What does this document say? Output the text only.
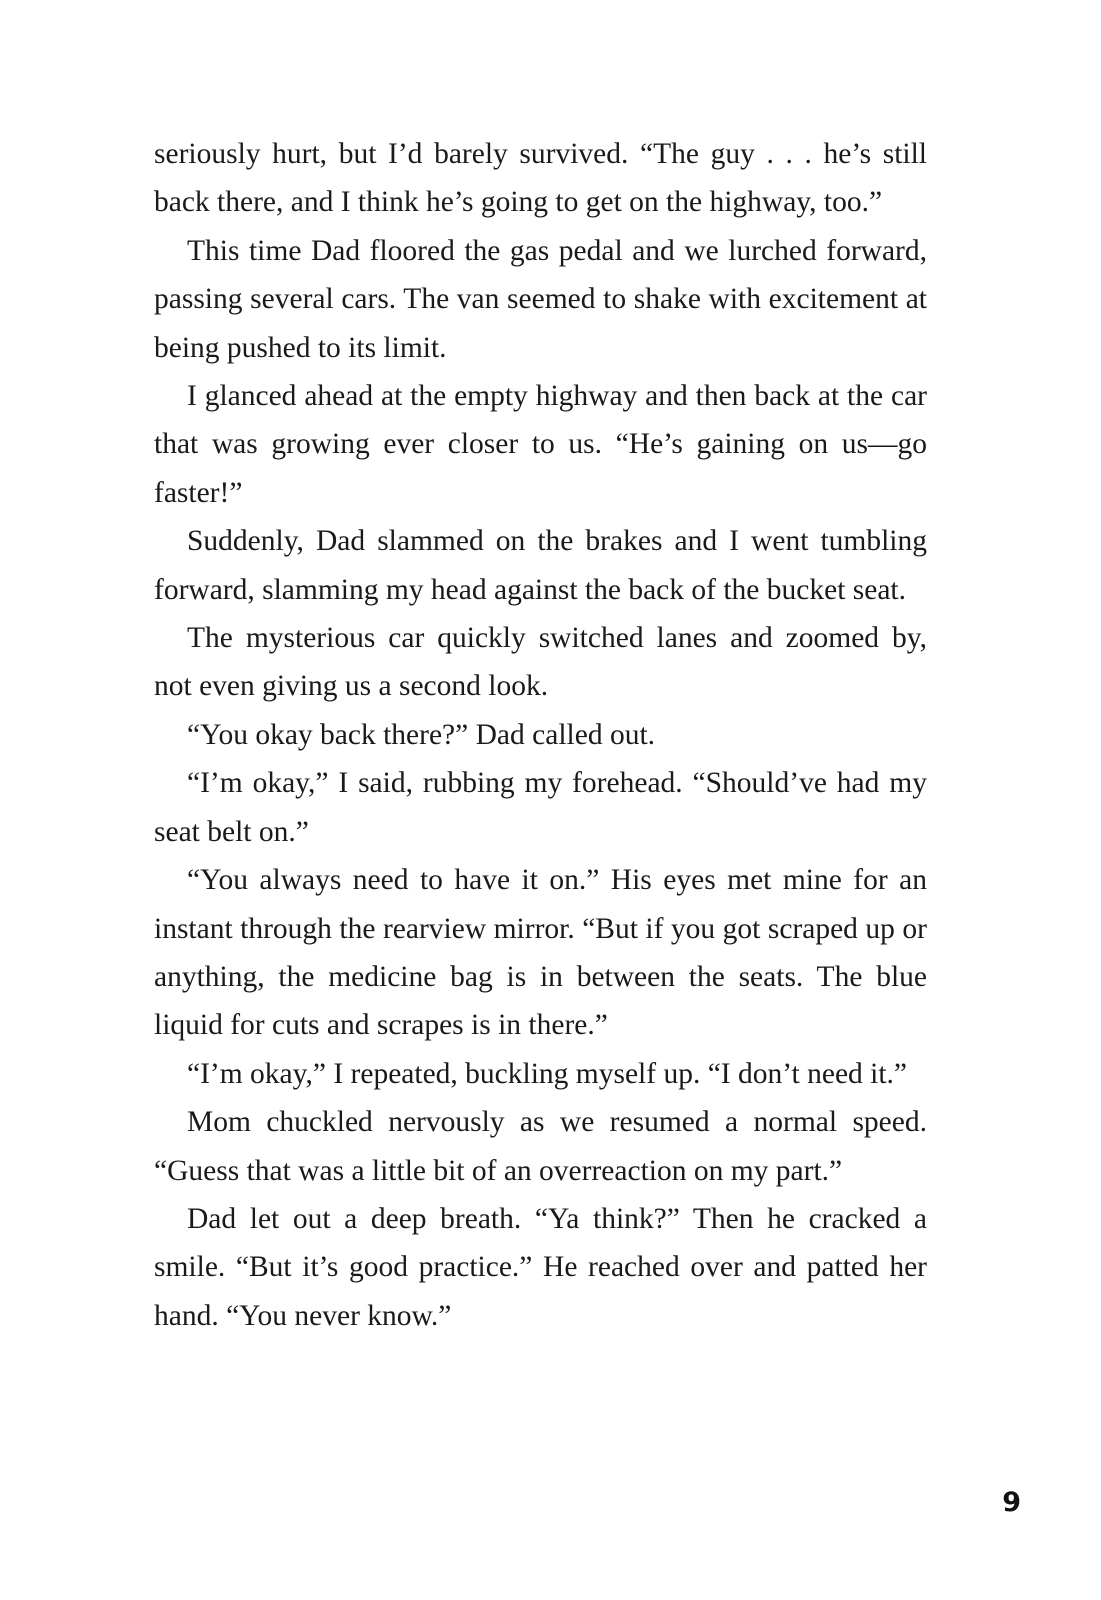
seriously hurt, but I’d barely survived. “The guy . . . he’s still back there, and I think he’s going to get on the highway, too.”

This time Dad floored the gas pedal and we lurched forward, passing several cars. The van seemed to shake with excitement at being pushed to its limit.

I glanced ahead at the empty highway and then back at the car that was growing ever closer to us. “He’s gaining on us—go faster!”

Suddenly, Dad slammed on the brakes and I went tumbling forward, slamming my head against the back of the bucket seat.

The mysterious car quickly switched lanes and zoomed by, not even giving us a second look.

“You okay back there?” Dad called out.

“I’m okay,” I said, rubbing my forehead. “Should’ve had my seat belt on.”

“You always need to have it on.” His eyes met mine for an instant through the rearview mirror. “But if you got scraped up or anything, the medicine bag is in between the seats. The blue liquid for cuts and scrapes is in there.”

“I’m okay,” I repeated, buckling myself up. “I don’t need it.”

Mom chuckled nervously as we resumed a normal speed. “Guess that was a little bit of an overreaction on my part.”

Dad let out a deep breath. “Ya think?” Then he cracked a smile. “But it’s good practice.” He reached over and patted her hand. “You never know.”

9
